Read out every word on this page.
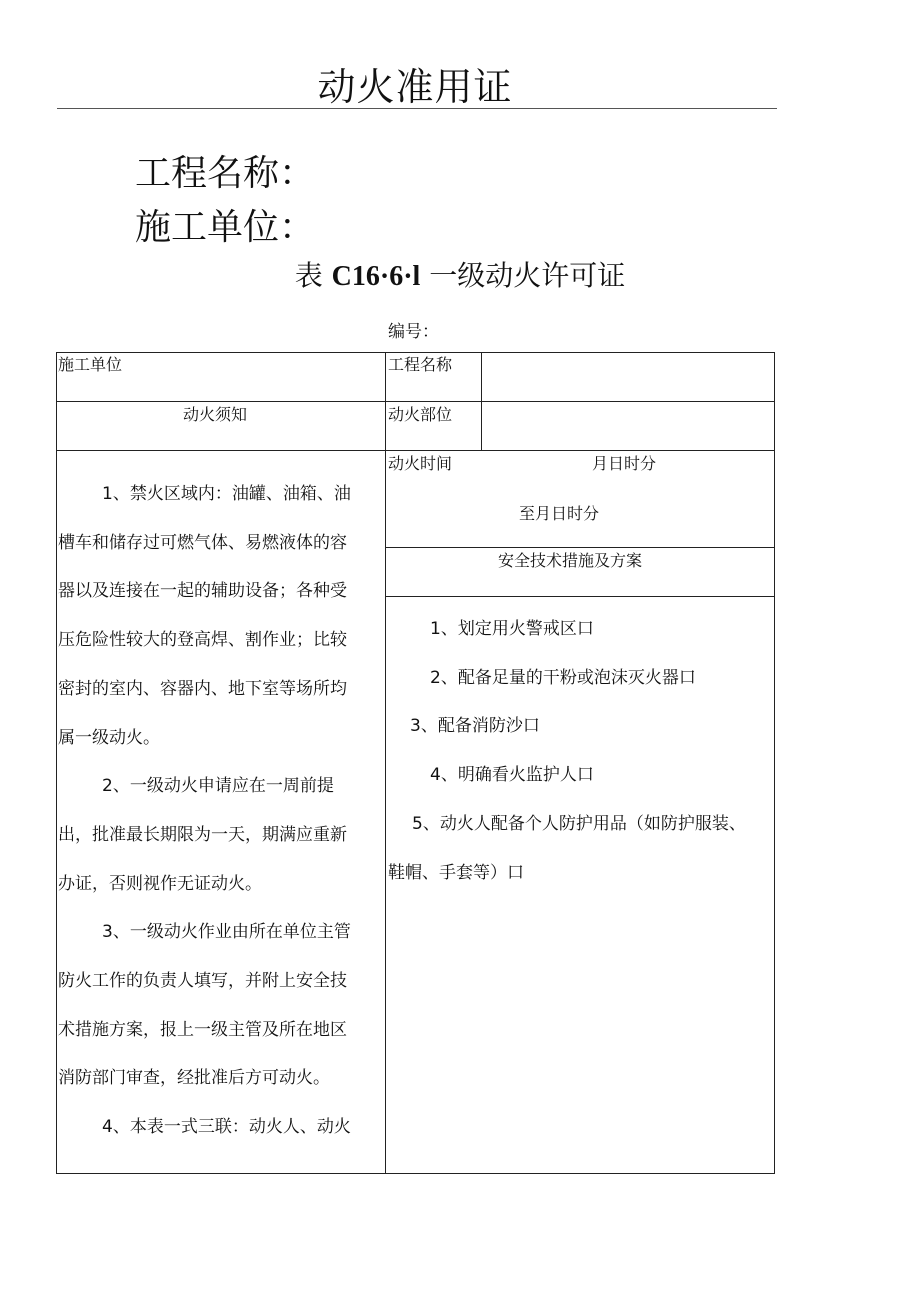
动火准用证
工程名称：
施工单位：
表 C16·6·l 一级动火许可证
编号：
施工单位	工程名称
动火须知	动火部位
动火时间	月日时分
至月日时分
安全技术措施及方案

1、禁火区域内：油罐、油箱、油

槽车和储存过可燃气体、易燃液体的容

器以及连接在一起的辅助设备；各种受

压危险性较大的登高焊、割作业；比较

密封的室内、容器内、地下室等场所均

属一级动火。

2、一级动火申请应在一周前提

出，批准最长期限为一天，期满应重新

办证，否则视作无证动火。

3、一级动火作业由所在单位主管

防火工作的负责人填写，并附上安全技

术措施方案，报上一级主管及所在地区

消防部门审查，经批准后方可动火。

4、本表一式三联：动火人、动火

1、划定用火警戒区口

2、配备足量的干粉或泡沫灭火器口

3、配备消防沙口

4、明确看火监护人口

5、动火人配备个人防护用品（如防护服装、

鞋帽、手套等）口
